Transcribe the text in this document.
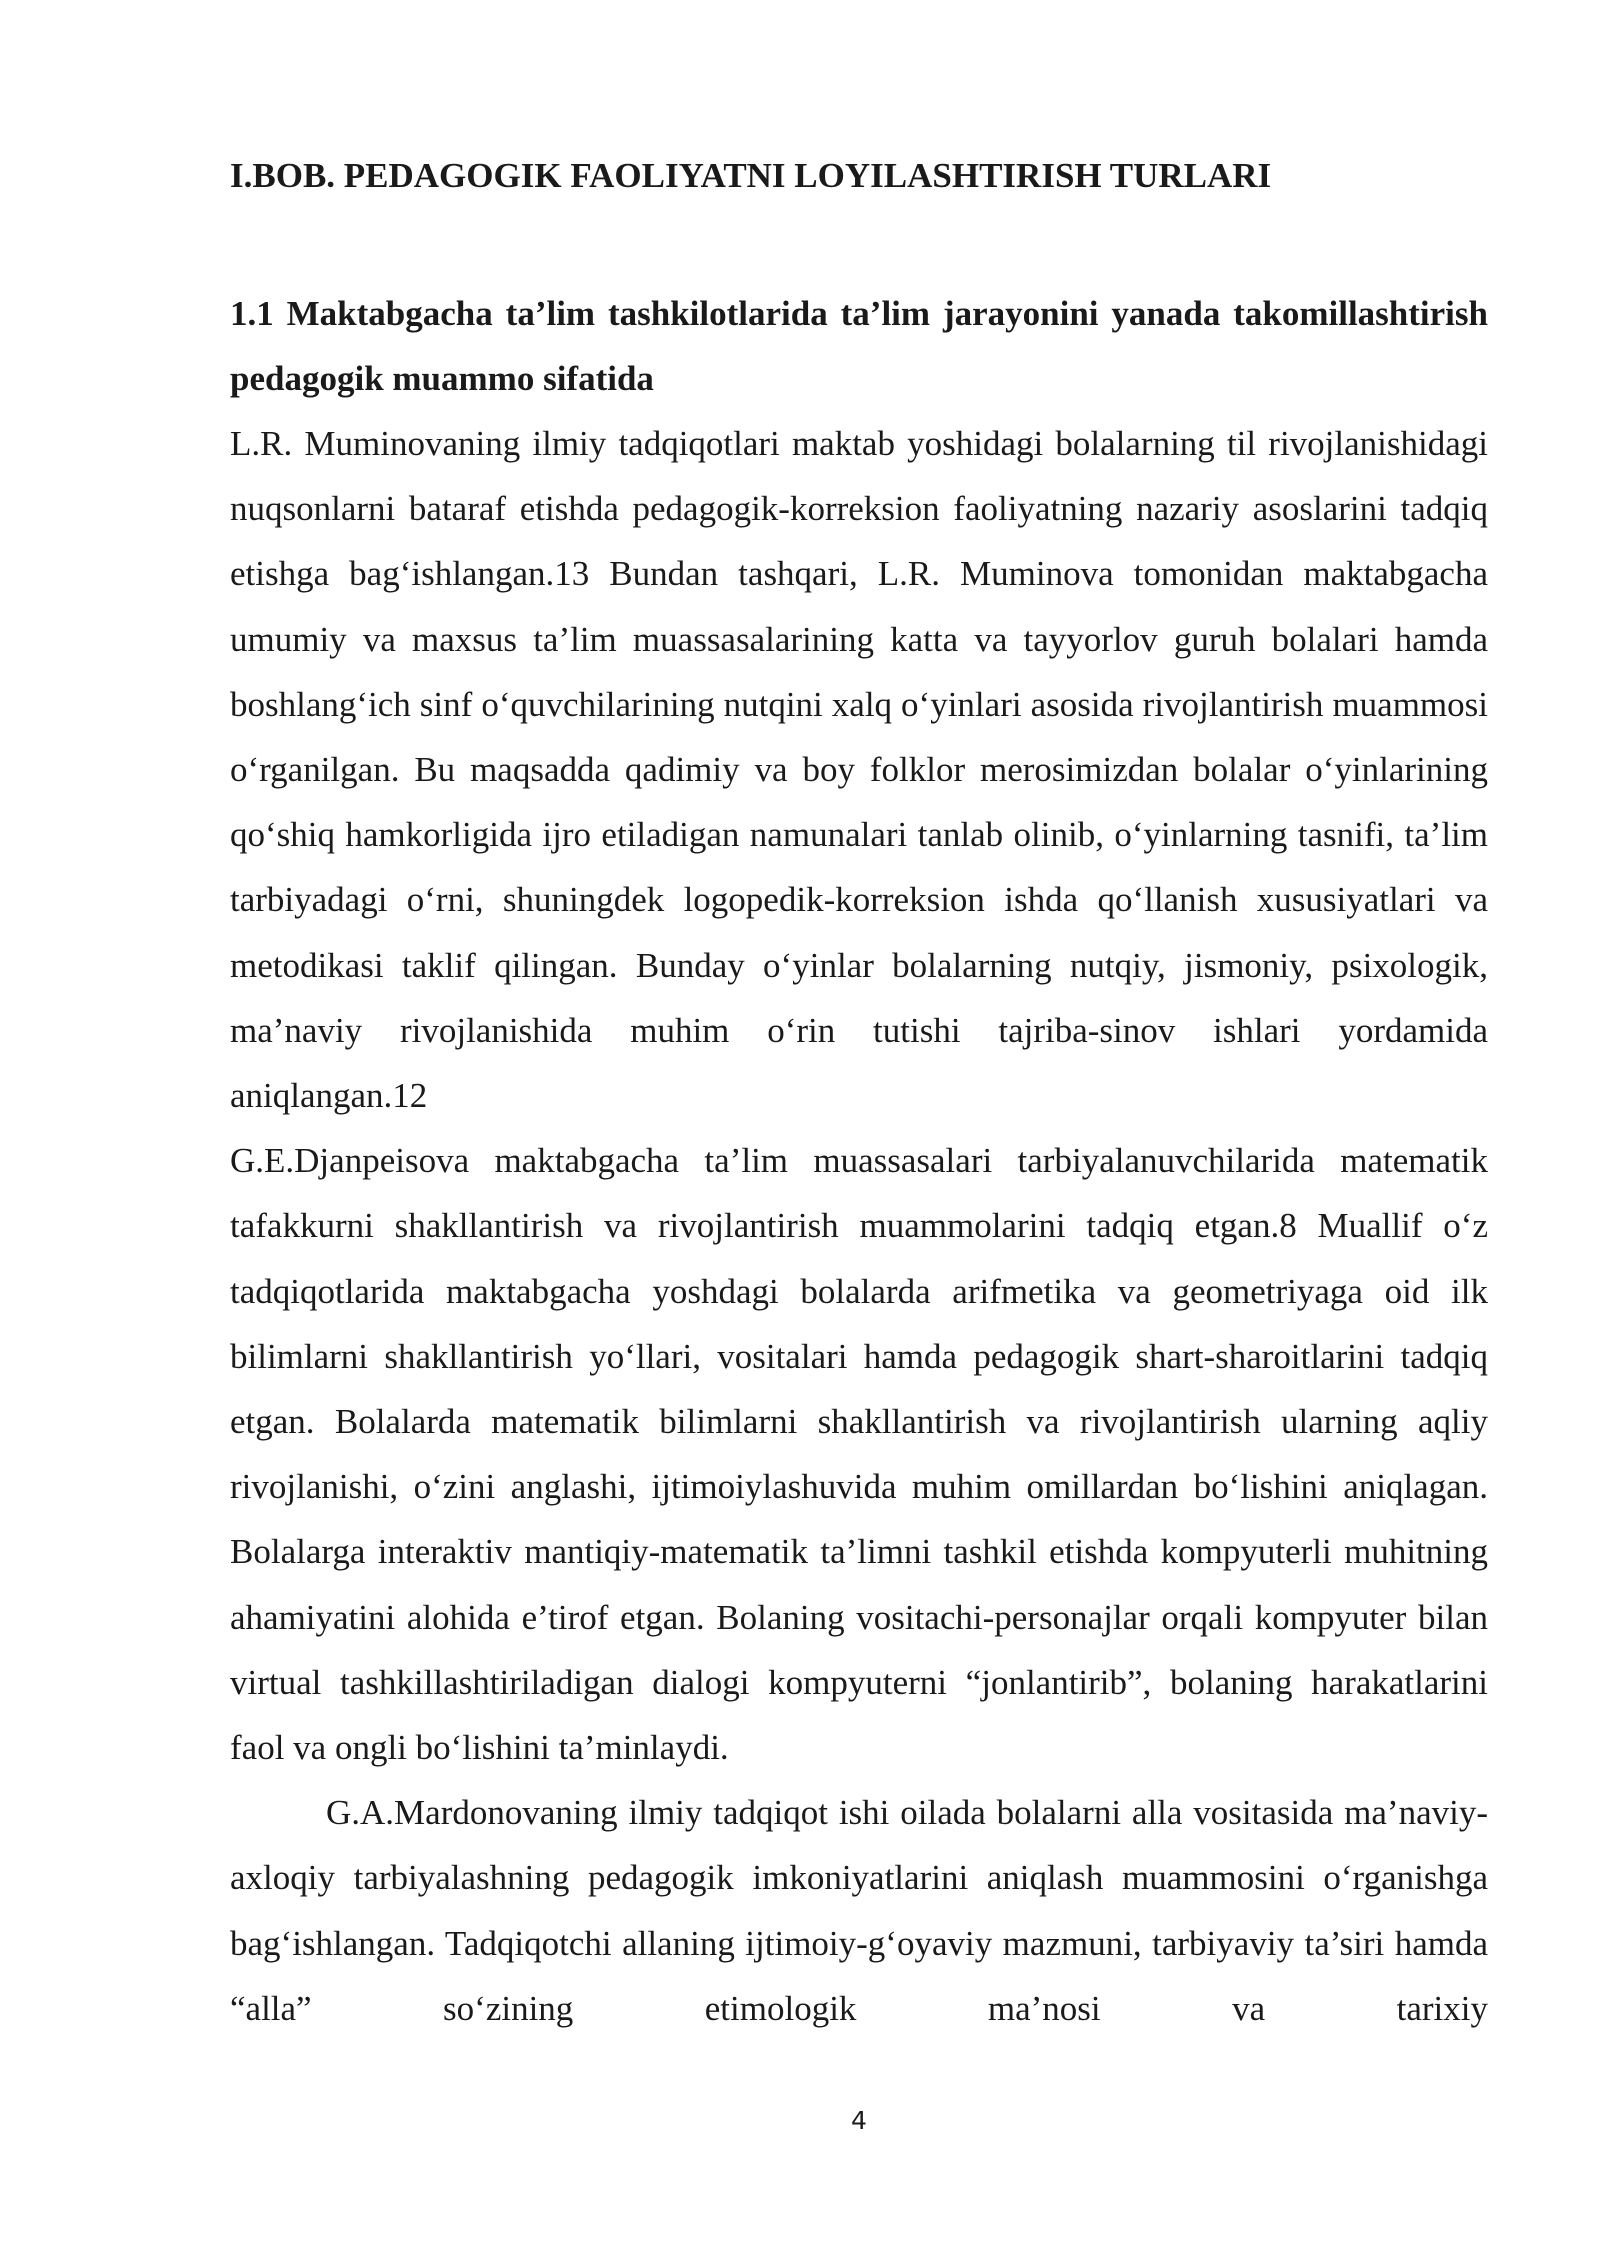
I.BOB. PEDAGOGIK FAOLIYATNI LOYILASHTIRISH TURLARI
1.1 Maktabgacha ta’lim tashkilotlarida ta’lim jarayonini yanada takomillashtirish pedagogik muammo sifatida

L.R. Muminovaning ilmiy tadqiqotlari maktab yoshidagi bolalarning til rivojlanishidagi nuqsonlarni bataraf etishda pedagogik-korreksion faoliyatning nazariy asoslarini tadqiq etishga bag‘ishlangan.13 Bundan tashqari, L.R. Muminova tomonidan maktabgacha umumiy va maxsus ta’lim muassasalarining katta va tayyorlov guruh bolalari hamda boshlang‘ich sinf o‘quvchilarining nutqini xalq o‘yinlari asosida rivojlantirish muammosi o‘rganilgan. Bu maqsadda qadimiy va boy folklor merosimizdan bolalar o‘yinlarining qo‘shiq hamkorligida ijro etiladigan namunalari tanlab olinib, o‘yinlarning tasnifi, ta’lim tarbiyadagi o‘rni, shuningdek logopedik-korreksion ishda qo‘llanish xususiyatlari va metodikasi taklif qilingan. Bunday o‘yinlar bolalarning nutqiy, jismoniy, psixologik, ma’naviy rivojlanishida muhim o‘rin tutishi tajriba-sinov ishlari yordamida aniqlangan.12

G.E.Djanpeisova maktabgacha ta’lim muassasalari tarbiyalanuvchilarida matematik tafakkurni shakllantirish va rivojlantirish muammolarini tadqiq etgan.8 Muallif o‘z tadqiqotlarida maktabgacha yoshdagi bolalarda arifmetika va geometriyaga oid ilk bilimlarni shakllantirish yo‘llari, vositalari hamda pedagogik shart-sharoitlarini tadqiq etgan. Bolalarda matematik bilimlarni shakllantirish va rivojlantirish ularning aqliy rivojlanishi, o‘zini anglashi, ijtimoiylashuvida muhim omillardan bo‘lishini aniqlagan. Bolalarga interaktiv mantiqiy-matematik ta’limni tashkil etishda kompyuterli muhitning ahamiyatini alohida e’tirof etgan. Bolaning vositachi-personajlar orqali kompyuter bilan virtual tashkillashtiriladigan dialogi kompyuterni “jonlantirib”, bolaning harakatlarini faol va ongli bo‘lishini ta’minlaydi.

G.A.Mardonovaning ilmiy tadqiqot ishi oilada bolalarni alla vositasida ma’naviy-axloqiy tarbiyalashning pedagogik imkoniyatlarini aniqlash muammosini o‘rganishga bag‘ishlangan. Tadqiqotchi allaning ijtimoiy-g‘oyaviy mazmuni, tarbiyaviy ta’siri hamda “alla” so‘zining etimologik ma’nosi va tarixiy

4
